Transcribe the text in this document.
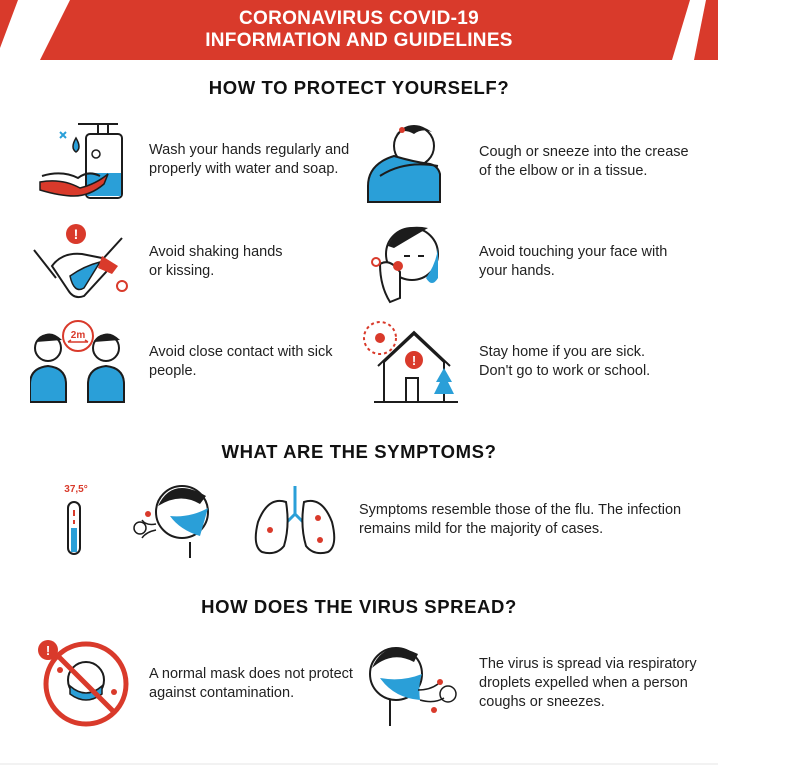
CORONAVIRUS COVID-19
INFORMATION AND GUIDELINES
HOW TO PROTECT YOURSELF?
Wash your hands regularly and
properly with water and soap.
Cough or sneeze into the crease
of the elbow or in a tissue.
!
Avoid shaking hands
or kissing.
Avoid touching your face with
your hands.
2m
Avoid close contact with sick
people.
!
Stay home if you are sick.
Don't go to work or school.
WHAT ARE THE SYMPTOMS?
37,5°
Symptoms resemble those of the flu. The infection
remains mild for the majority of cases.
HOW DOES THE VIRUS SPREAD?
!
A normal mask does not protect
against contamination.
The virus is spread via respiratory
droplets expelled when a person
coughs or sneezes.
